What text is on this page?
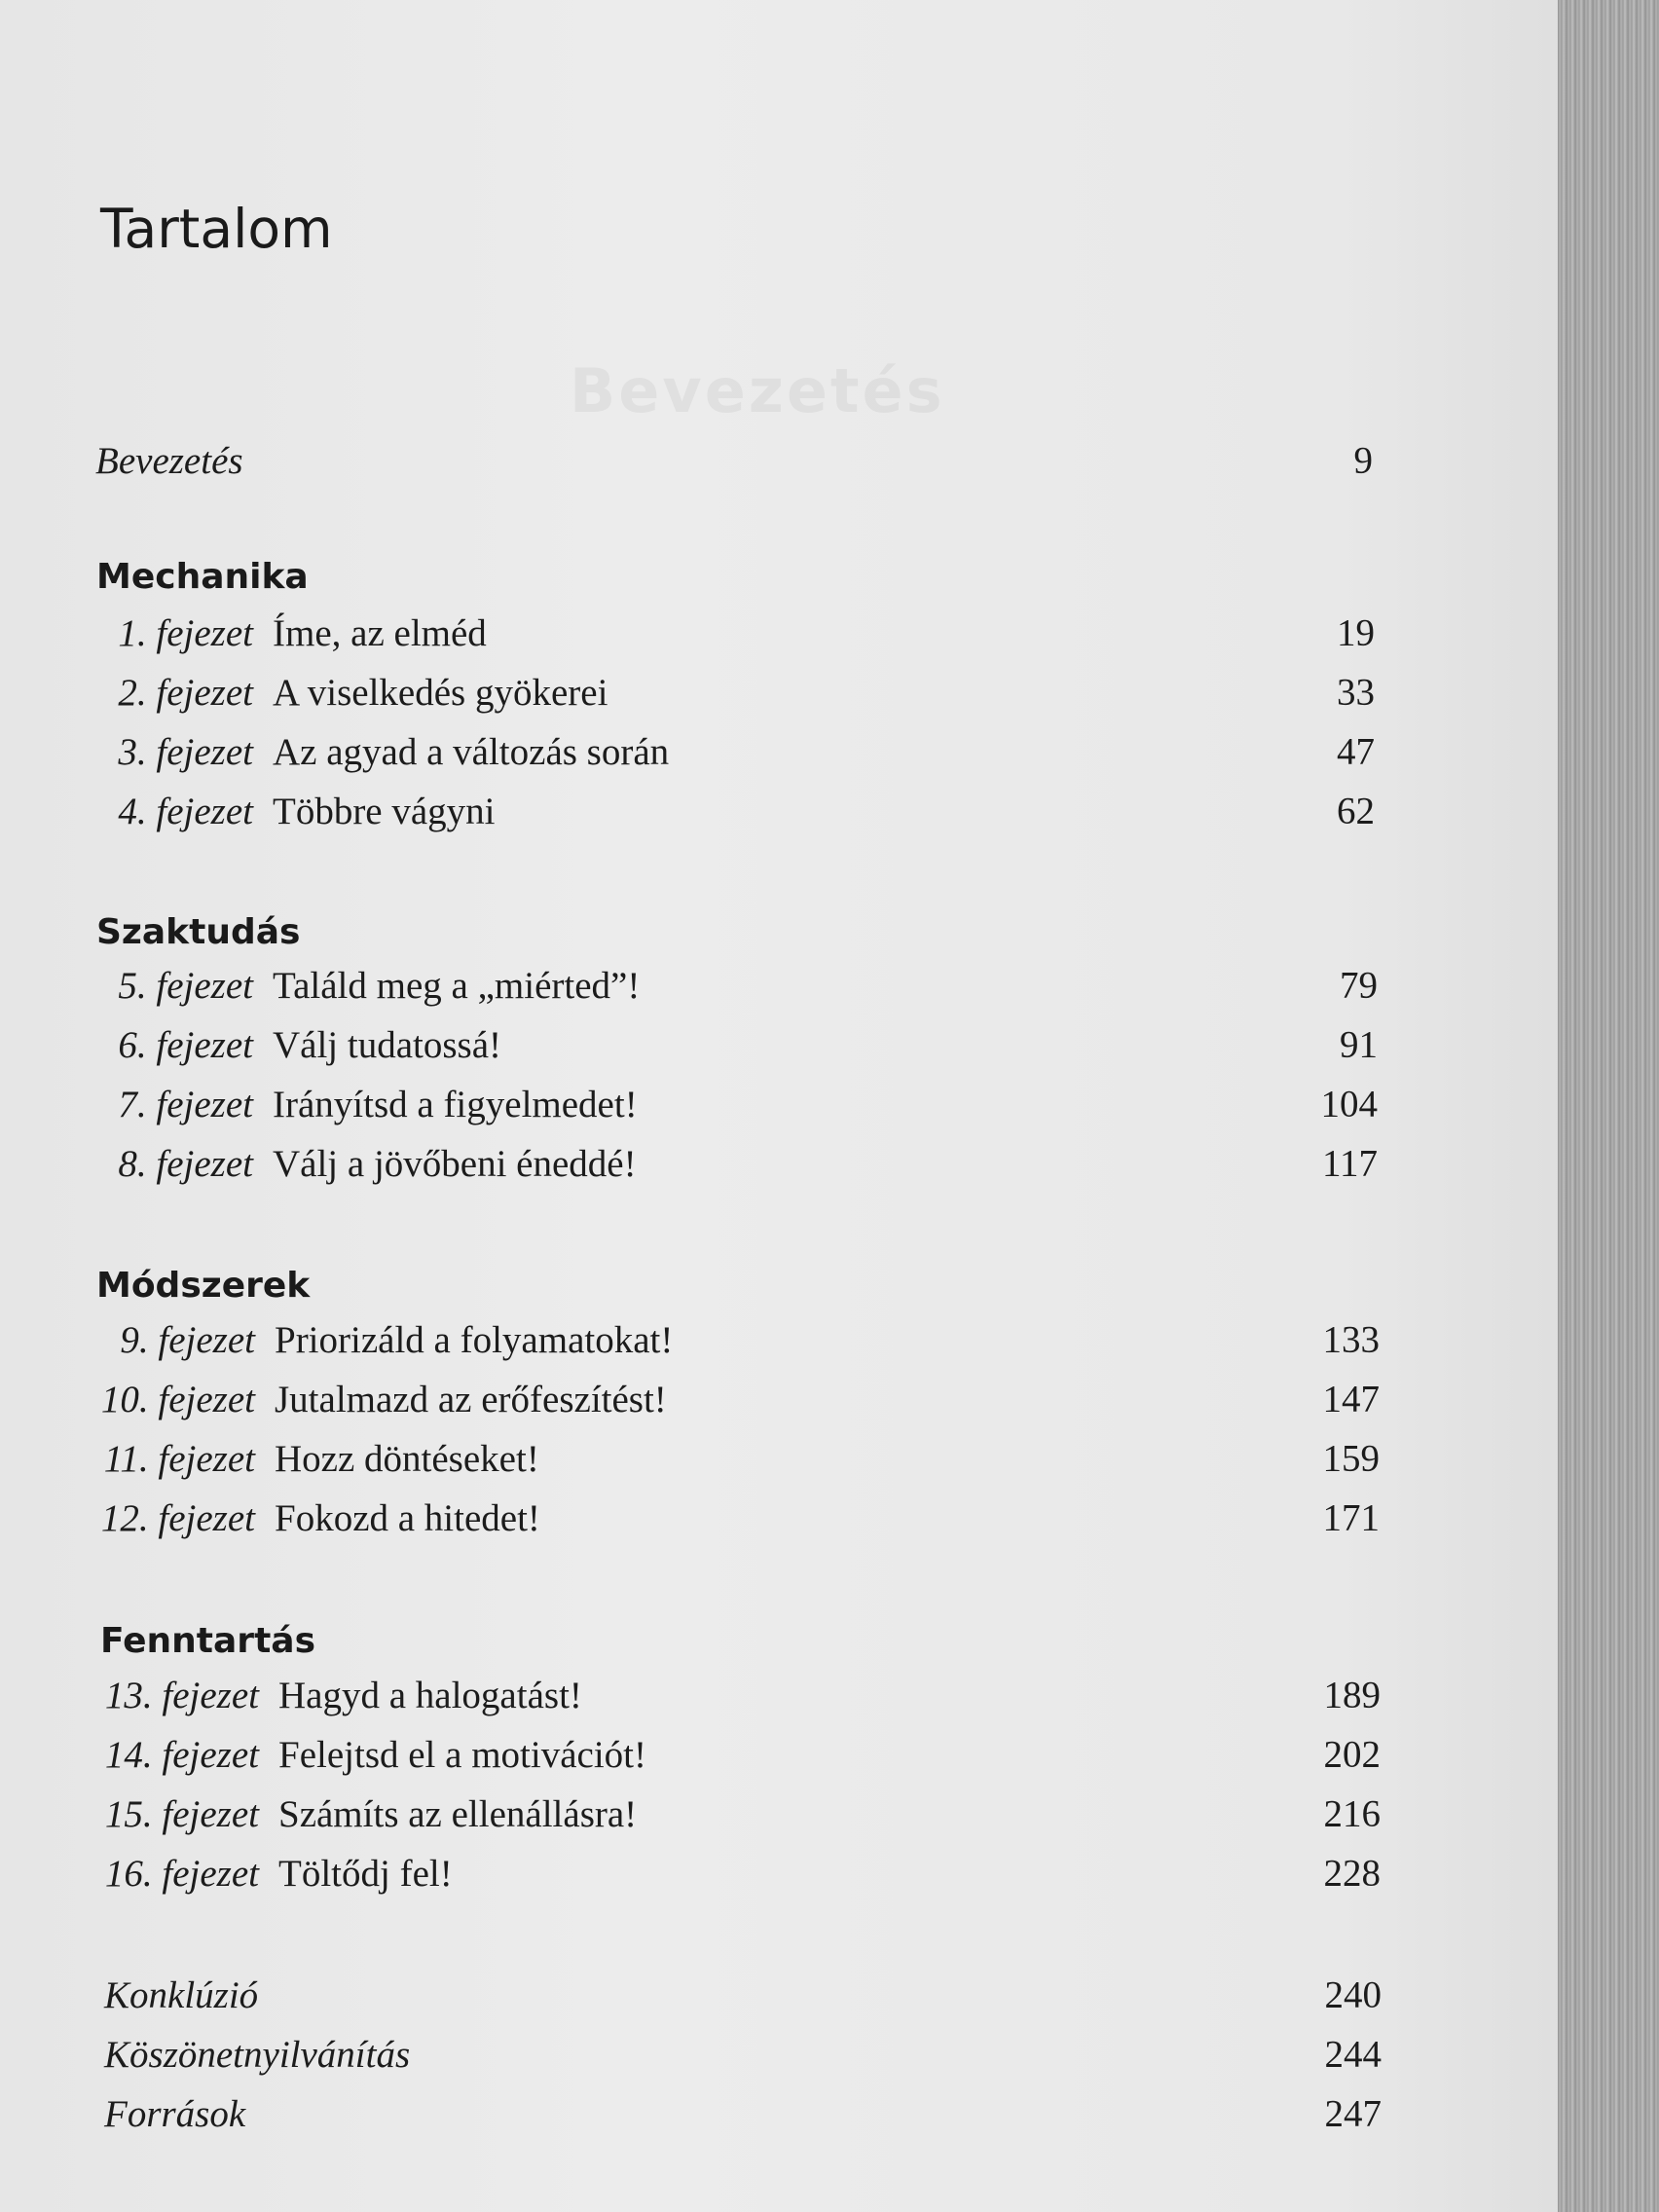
Bevezetés
Tartalom
Bevezetés	9
Mechanika
1. fejezet Íme, az elméd	19
2. fejezet A viselkedés gyökerei	33
3. fejezet Az agyad a változás során	47
4. fejezet Többre vágyni	62
Szaktudás
5. fejezet Találd meg a „miérted”!	79
6. fejezet Válj tudatossá!	91
7. fejezet Irányítsd a figyelmedet!	104
8. fejezet Válj a jövőbeni éneddé!	117
Módszerek
9. fejezet Priorizáld a folyamatokat!	133
10. fejezet Jutalmazd az erőfeszítést!	147
11. fejezet Hozz döntéseket!	159
12. fejezet Fokozd a hitedet!	171
Fenntartás
13. fejezet Hagyd a halogatást!	189
14. fejezet Felejtsd el a motivációt!	202
15. fejezet Számíts az ellenállásra!	216
16. fejezet Töltődj fel!	228
Konklúzió	240
Köszönetnyilvánítás	244
Források	247
